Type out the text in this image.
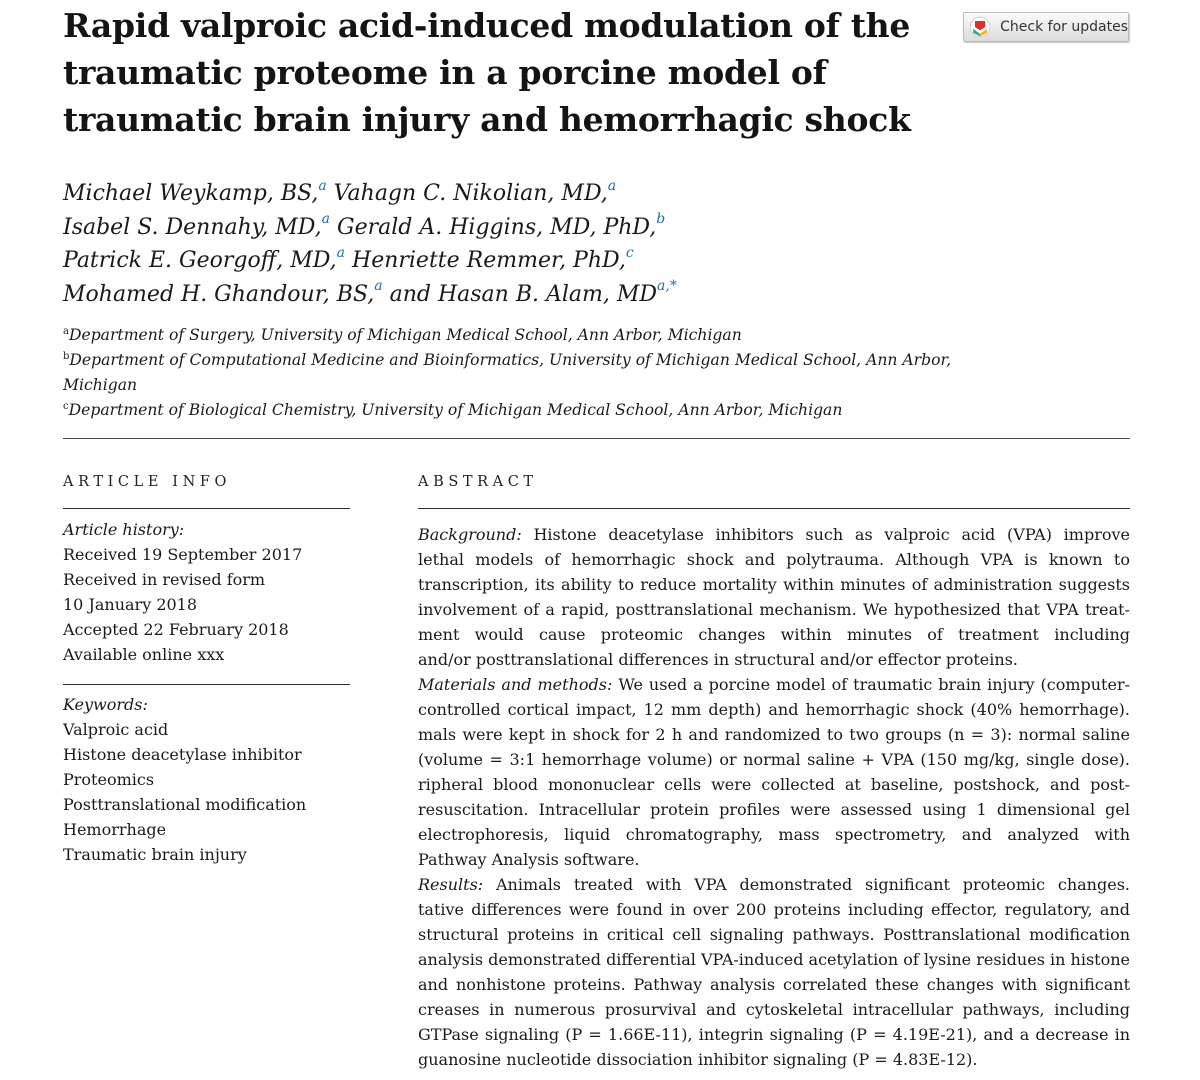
Rapid valproic acid-induced modulation of the
traumatic proteome in a porcine model of
traumatic brain injury and hemorrhagic shock
Check for updates
Michael Weykamp, BS,$^a$ Vahagn C. Nikolian, MD,$^a$
Isabel S. Dennahy, MD,$^a$ Gerald A. Higgins, MD, PhD,$^b$
Patrick E. Georgoff, MD,$^a$ Henriette Remmer, PhD,$^c$
Mohamed H. Ghandour, BS,$^a$ and Hasan B. Alam, $MD^{a,*}$
$^a$Department of Surgery, University of Michigan Medical School, Ann Arbor, Michigan
$^b$Department of Computational Medicine and Bioinformatics, University of Michigan Medical School, Ann Arbor,
Michigan
$^c$Department of Biological Chemistry, University of Michigan Medical School, Ann Arbor, Michigan
ARTICLE INFO	ABSTRACT
Article history:
Received 19 September 2017
Received in revised form
10 January 2018
Accepted 22 February 2018
Available online xxx
Keywords:
Valproic acid
Histone deacetylase inhibitor
Proteomics
Posttranslational modification
Hemorrhage
Traumatic brain injury
Background: Histone deacetylase inhibitors such as valproic acid (VPA) improve
lethal models of hemorrhagic shock and polytrauma. Although VPA is known to
transcription, its ability to reduce mortality within minutes of administration suggests
involvement of a rapid, posttranslational mechanism. We hypothesized that VPA treat-
ment would cause proteomic changes within minutes of treatment including
and/or posttranslational differences in structural and/or effector proteins.
Materials and methods: We used a porcine model of traumatic brain injury (computer-
controlled cortical impact, 12 mm depth) and hemorrhagic shock (40% hemorrhage).
mals were kept in shock for 2 h and randomized to two groups (n = 3): normal saline
(volume = 3:1 hemorrhage volume) or normal saline + VPA (150 mg/kg, single dose).
ripheral blood mononuclear cells were collected at baseline, postshock, and post-
resuscitation. Intracellular protein profiles were assessed using 1 dimensional gel
electrophoresis, liquid chromatography, mass spectrometry, and analyzed with
Pathway Analysis software.
Results: Animals treated with VPA demonstrated significant proteomic changes.
tative differences were found in over 200 proteins including effector, regulatory, and
structural proteins in critical cell signaling pathways. Posttranslational modification
analysis demonstrated differential VPA-induced acetylation of lysine residues in histone
and nonhistone proteins. Pathway analysis correlated these changes with significant
creases in numerous prosurvival and cytoskeletal intracellular pathways, including
GTPase signaling (P = 1.66E-11), integrin signaling (P = 4.19E-21), and a decrease in
guanosine nucleotide dissociation inhibitor signaling (P = 4.83E-12).
